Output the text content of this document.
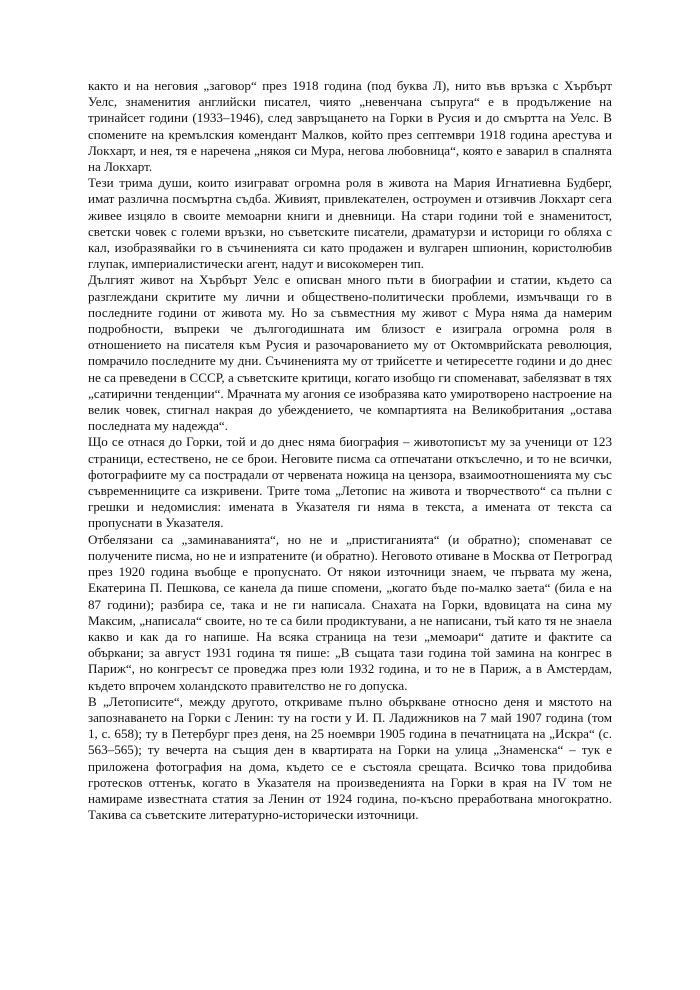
както и на неговия „заговор“ през 1918 година (под буква Л), нито във връзка с Хърбърт Уелс, знаменития английски писател, чиято „невенчана съпруга“ е в продължение на тринайсет години (1933–1946), след завръщането на Горки в Русия и до смъртта на Уелс. В спомените на кремълския комендант Малков, който през септември 1918 година арестува и Локхарт, и нея, тя е наречена „някоя си Мура, негова любовница“, която е заварил в спалнята на Локхарт.

Тези трима души, които изиграват огромна роля в живота на Мария Игнатиевна Будберг, имат различна посмъртна съдба. Живият, привлекателен, остроумен и отзивчив Локхарт сега живее изцяло в своите мемоарни книги и дневници. На стари години той е знаменитост, светски човек с големи връзки, но съветските писатели, драматурзи и историци го обляха с кал, изобразявайки го в съчиненията си като продажен и вулгарен шпионин, користолюбив глупак, империалистически агент, надут и високомерен тип.

Дългият живот на Хърбърт Уелс е описван много пъти в биографии и статии, където са разглеждани скритите му лични и обществено-политически проблеми, измъчващи го в последните години от живота му. Но за съвместния му живот с Мура няма да намерим подробности, въпреки че дългогодишната им близост е изиграла огромна роля в отношението на писателя към Русия и разочарованието му от Октомврийската революция, помрачило последните му дни. Съчиненията му от трийсетте и четиресетте години и до днес не са преведени в СССР, а съветските критици, когато изобщо ги споменават, забелязват в тях „сатирични тенденции“. Мрачната му агония се изобразява като умиротворено настроение на велик човек, стигнал накрая до убеждението, че компартията на Великобритания „остава последната му надежда“.

Що се отнася до Горки, той и до днес няма биография – животописът му за ученици от 123 страници, естествено, не се брои. Неговите писма са отпечатани откъслечно, и то не всички, фотографиите му са пострадали от червената ножица на цензора, взаимоотношенията му със съвременниците са изкривени. Трите тома „Летопис на живота и творчеството“ са пълни с грешки и недомислия: имената в Указателя ги няма в текста, а имената от текста са пропуснати в Указателя.

Отбелязани са „заминаванията“, но не и „пристиганията“ (и обратно); споменават се получените писма, но не и изпратените (и обратно). Неговото отиване в Москва от Петроград през 1920 година въобще е пропуснато. От някои източници знаем, че първата му жена, Екатерина П. Пешкова, се канела да пише спомени, „когато бъде по-малко заета“ (била е на 87 години); разбира се, така и не ги написала. Снахата на Горки, вдовицата на сина му Максим, „написала“ своите, но те са били продиктувани, а не написани, тъй като тя не знаела какво и как да го напише. На всяка страница на тези „мемоари“ датите и фактите са объркани; за август 1931 година тя пише: „В същата тази година той замина на конгрес в Париж“, но конгресът се проведжа през юли 1932 година, и то не в Париж, а в Амстердам, където впрочем холандското правителство не го допуска.

В „Летописите“, между другото, откриваме пълно объркване относно деня и мястото на запознаването на Горки с Ленин: ту на гости у И. П. Ладижников на 7 май 1907 година (том 1, с. 658); ту в Петербург през деня, на 25 ноември 1905 година в печатницата на „Искра“ (с. 563–565); ту вечерта на същия ден в квартирата на Горки на улица „Знаменска“ – тук е приложена фотография на дома, където се е състояла срещата. Всичко това придобива гротесков оттенък, когато в Указателя на произведенията на Горки в края на IV том не намираме известната статия за Ленин от 1924 година, по-късно преработвана многократно. Такива са съветските литературно-исторически източници.
